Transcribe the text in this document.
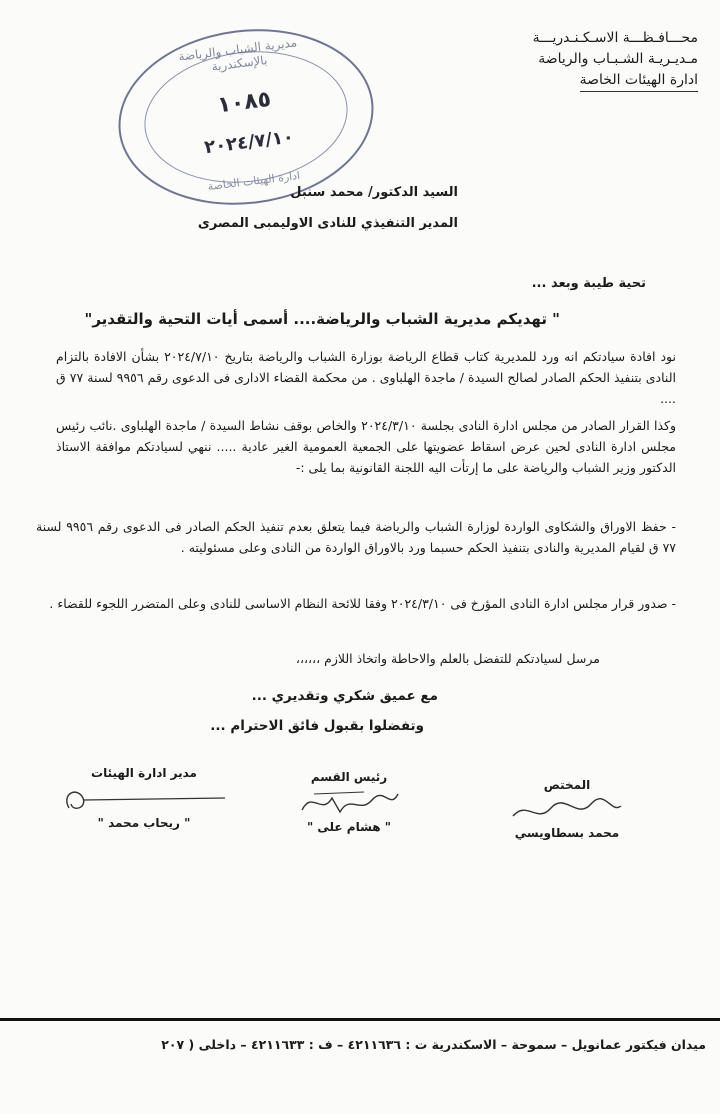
محـــافـظـــة الاسـكـنـدريـــة
مـديـريـة الشـبـاب والرياضة
ادارة الهيئات الخاصة
مديرية الشباب والرياضة بالإسكندرية
١٠٨٥
٢٠٢٤/٧/١٠
ادارة الهيئات الخاصة
السيد الدكتور/ محمد سنبل
المدير التنفيذي للنادى الاوليمبى المصرى
تحية طيبة وبعد ...
" تهديكم مديرية الشباب والرياضة.... أسمى أيات التحية والتقدير"
نود افادة سيادتكم انه ورد للمديرية كتاب قطاع الرياضة بوزارة الشباب والرياضة بتاريخ ٢٠٢٤/٧/١٠ بشأن الافادة بالتزام النادى بتنفيذ الحكم الصادر لصالح السيدة / ماجدة الهلباوى . من محكمة القضاء الادارى فى الدعوى رقم ٩٩٥٦ لسنة ٧٧ ق ....
وكذا القرار الصادر من مجلس ادارة النادى بجلسة ٢٠٢٤/٣/١٠ والخاص بوقف نشاط السيدة / ماجدة الهلباوى .نائب رئيس مجلس ادارة النادى لحين عرض اسقاط عضويتها على الجمعية العمومية الغير عادية ..... ننهي لسيادتكم موافقة الاستاذ الدكتور وزير الشباب والرياضة على ما إرتأت اليه اللجنة القانونية بما يلى :-
- حفظ الاوراق والشكاوى الواردة لوزارة الشباب والرياضة فيما يتعلق بعدم تنفيذ الحكم الصادر فى الدعوى رقم ٩٩٥٦ لسنة ٧٧ ق لقيام المديرية والنادى بتنفيذ الحكم حسبما ورد بالاوراق الواردة من النادى وعلى مسئوليته .
- صدور قرار مجلس ادارة النادى المؤرخ فى ٢٠٢٤/٣/١٠ وفقا للائحة النظام الاساسى للنادى وعلى المتضرر اللجوء للقضاء .
مرسل لسيادتكم للتفضل بالعلم والاحاطة واتخاذ اللازم ،،،،،،
مع عميق شكري وتقديري ...
وتفضلوا بقبول فائق الاحترام ...
المختص
محمد بسطاويسي
رئيس القسم
" هشام على "
مدير ادارة الهيئات
" ريحاب محمد "
ميدان فيكتور عمانويل – سموحة – الاسكندرية ت : ٤٢١١٦٣٦ – ف : ٤٢١١٦٣٣ – داخلى ( ٢٠٧
